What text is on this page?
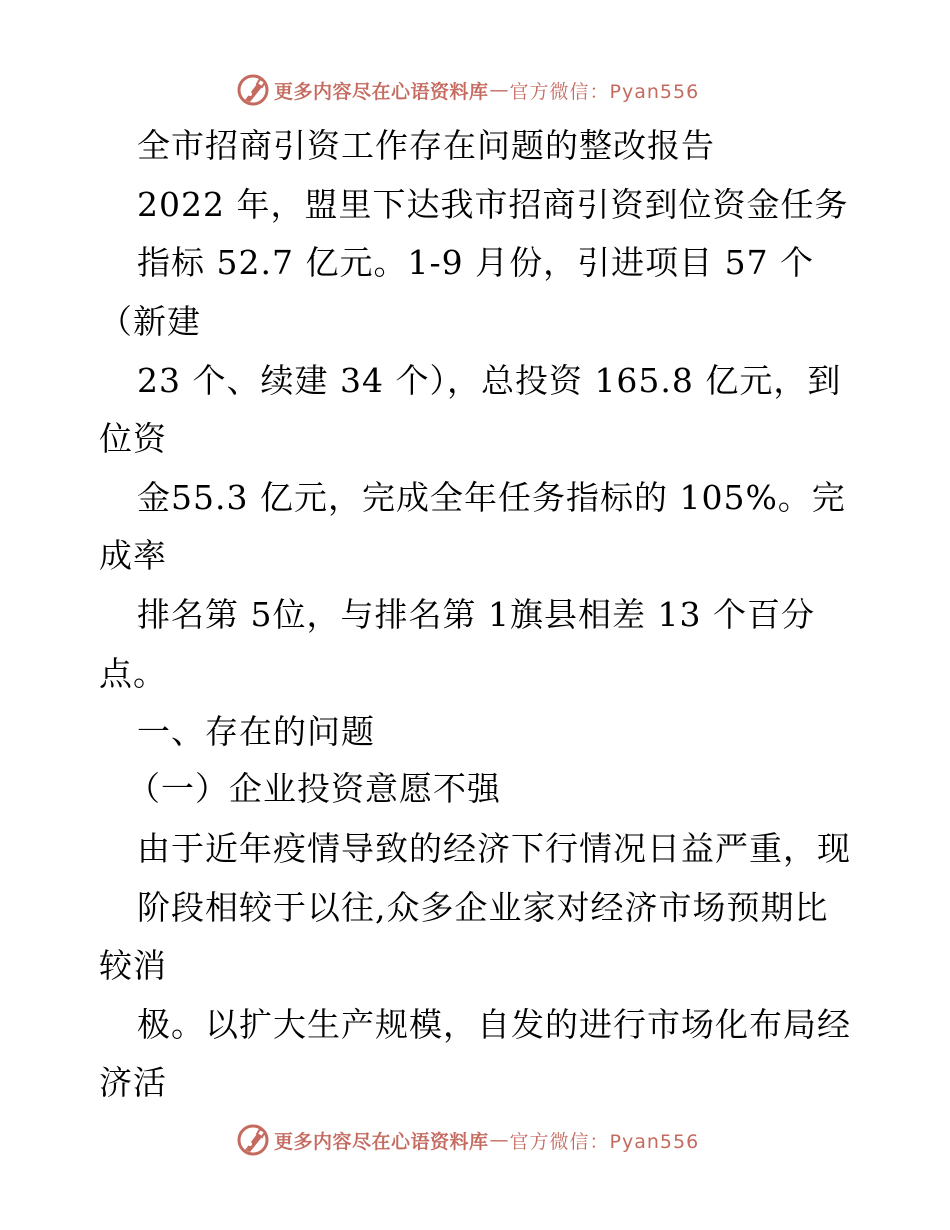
更多内容尽在心语资料库 — 官方微信：Pyan556
全市招商引资工作存在问题的整改报告
2022 年，盟里下达我市招商引资到位资金任务
指标 52.7 亿元。1-9 月份，引进项目 57 个
（新建
23 个、续建 34 个），总投资 165.8 亿元，到
位资
金55.3 亿元，完成全年任务指标的 105%。完
成率
排名第 5位，与排名第 1旗县相差 13 个百分
点。
一、存在的问题
（一）企业投资意愿不强
由于近年疫情导致的经济下行情况日益严重，现
阶段相较于以往,众多企业家对经济市场预期比
较消
极。以扩大生产规模，自发的进行市场化布局经
济活
更多内容尽在心语资料库 — 官方微信：Pyan556
